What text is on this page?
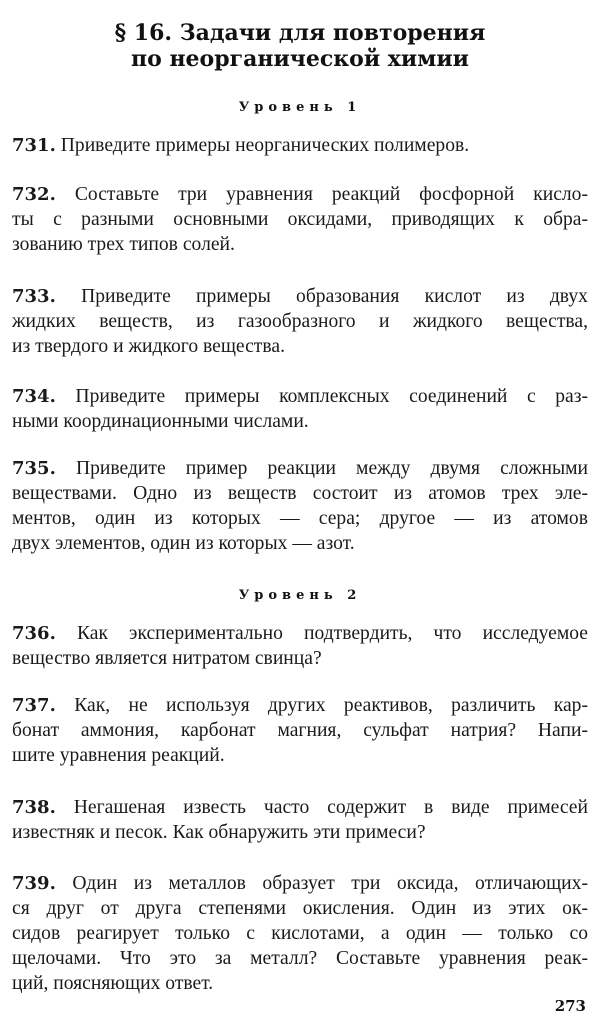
§ 16. Задачи для повторения
по неорганической химии
Уровень 1
731. Приведите примеры неорганических полимеров.
732. Составьте три уравнения реакций фосфорной кисло-
ты с разными основными оксидами, приводящих к обра-
зованию трех типов солей.
733. Приведите примеры образования кислот из двух
жидких веществ, из газообразного и жидкого вещества,
из твердого и жидкого вещества.
734. Приведите примеры комплексных соединений с раз-
ными координационными числами.
735. Приведите пример реакции между двумя сложными
веществами. Одно из веществ состоит из атомов трех эле-
ментов, один из которых — сера; другое — из атомов
двух элементов, один из которых — азот.
Уровень 2
736. Как экспериментально подтвердить, что исследуемое
вещество является нитратом свинца?
737. Как, не используя других реактивов, различить кар-
бонат аммония, карбонат магния, сульфат натрия? Напи-
шите уравнения реакций.
738. Негашеная известь часто содержит в виде примесей
известняк и песок. Как обнаружить эти примеси?
739. Один из металлов образует три оксида, отличающих-
ся друг от друга степенями окисления. Один из этих ок-
сидов реагирует только с кислотами, а один — только со
щелочами. Что это за металл? Составьте уравнения реак-
ций, поясняющих ответ.
273
